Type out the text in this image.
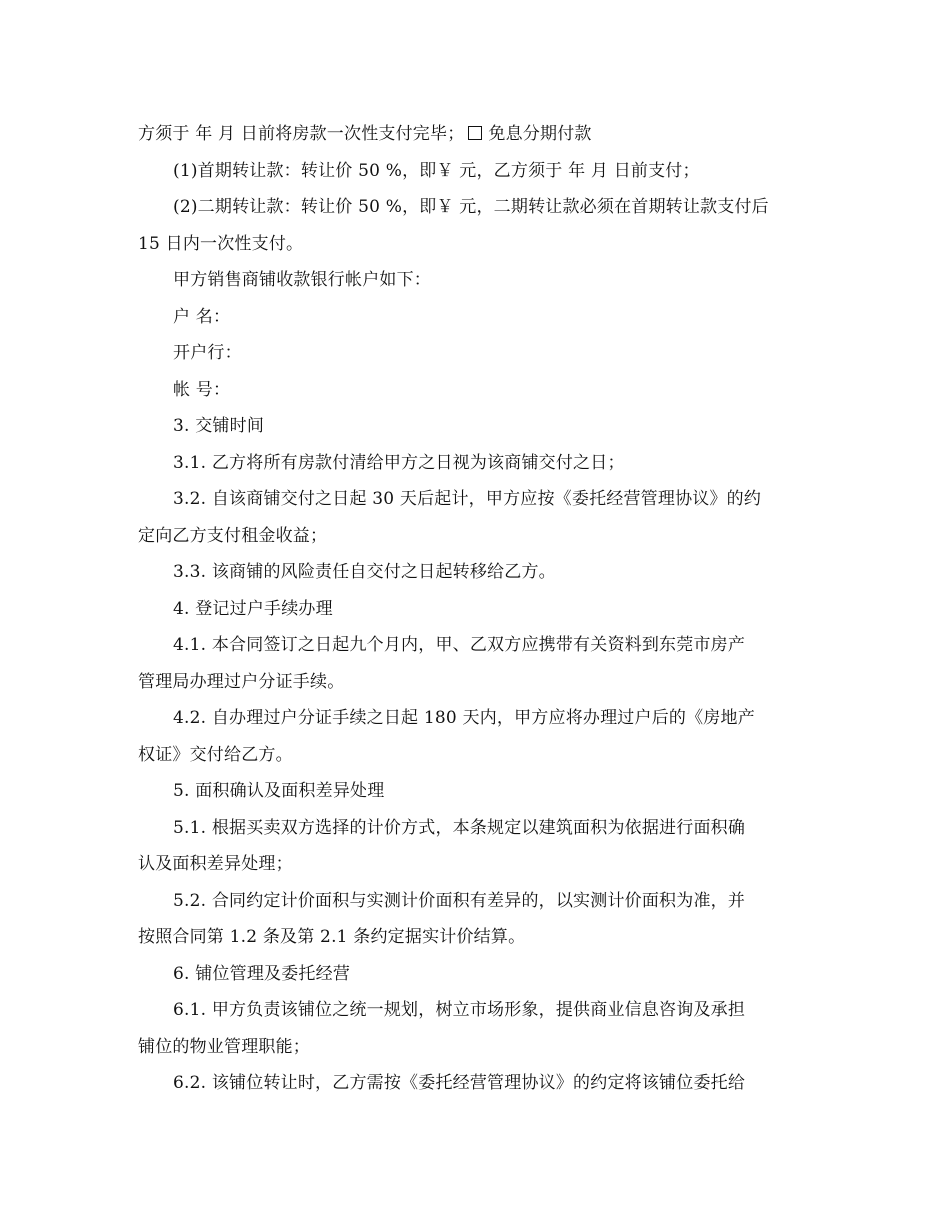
方须于 年 月 日前将房款一次性支付完毕； 免息分期付款
(1)首期转让款：转让价 50 %，即￥ 元，乙方须于 年 月 日前支付；
(2)二期转让款：转让价 50 %，即￥ 元，二期转让款必须在首期转让款支付后
15 日内一次性支付。
甲方销售商铺收款银行帐户如下：
户 名：
开户行：
帐 号：
3. 交铺时间
3.1. 乙方将所有房款付清给甲方之日视为该商铺交付之日；
3.2. 自该商铺交付之日起 30 天后起计，甲方应按《委托经营管理协议》的约
定向乙方支付租金收益；
3.3. 该商铺的风险责任自交付之日起转移给乙方。
4. 登记过户手续办理
4.1. 本合同签订之日起九个月内，甲、乙双方应携带有关资料到东莞市房产
管理局办理过户分证手续。
4.2. 自办理过户分证手续之日起 180 天内，甲方应将办理过户后的《房地产
权证》交付给乙方。
5. 面积确认及面积差异处理
5.1. 根据买卖双方选择的计价方式，本条规定以建筑面积为依据进行面积确
认及面积差异处理；
5.2. 合同约定计价面积与实测计价面积有差异的，以实测计价面积为准，并
按照合同第 1.2 条及第 2.1 条约定据实计价结算。
6. 铺位管理及委托经营
6.1. 甲方负责该铺位之统一规划，树立市场形象，提供商业信息咨询及承担
铺位的物业管理职能；
6.2. 该铺位转让时，乙方需按《委托经营管理协议》的约定将该铺位委托给
